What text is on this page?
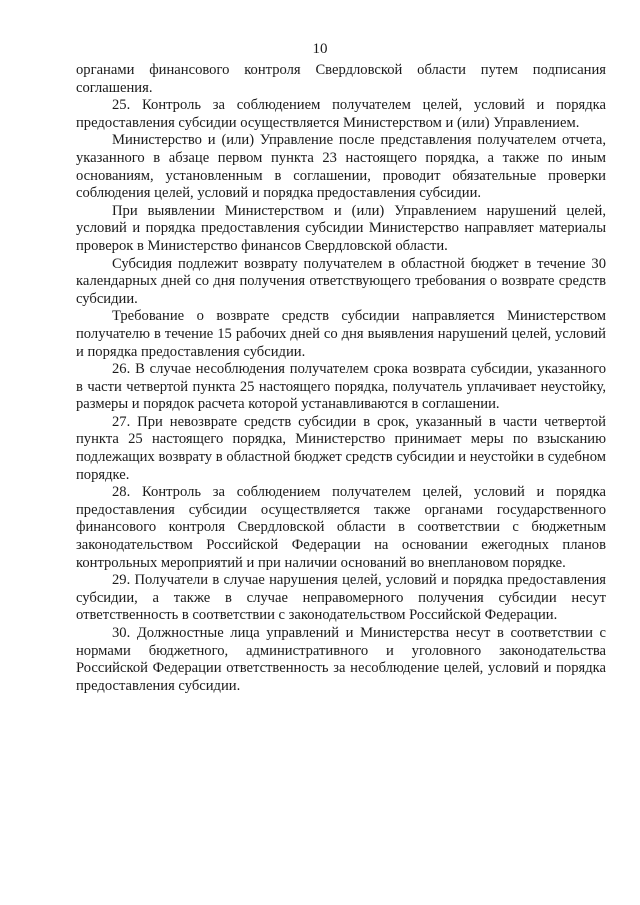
10

органами финансового контроля Свердловской области путем подписания соглашения.

25. Контроль за соблюдением получателем целей, условий и порядка предоставления субсидии осуществляется Министерством и (или) Управлением.

Министерство и (или) Управление после представления получателем отчета, указанного в абзаце первом пункта 23 настоящего порядка, а также по иным основаниям, установленным в соглашении, проводит обязательные проверки соблюдения целей, условий и порядка предоставления субсидии.

При выявлении Министерством и (или) Управлением нарушений целей, условий и порядка предоставления субсидии Министерство направляет материалы проверок в Министерство финансов Свердловской области.

Субсидия подлежит возврату получателем в областной бюджет в течение 30 календарных дней со дня получения ответствующего требования о возврате средств субсидии.

Требование о возврате средств субсидии направляется Министерством получателю в течение 15 рабочих дней со дня выявления нарушений целей, условий и порядка предоставления субсидии.

26. В случае несоблюдения получателем срока возврата субсидии, указанного в части четвертой пункта 25 настоящего порядка, получатель уплачивает неустойку, размеры и порядок расчета которой устанавливаются в соглашении.

27. При невозврате средств субсидии в срок, указанный в части четвертой пункта 25 настоящего порядка, Министерство принимает меры по взысканию подлежащих возврату в областной бюджет средств субсидии и неустойки в судебном порядке.

28. Контроль за соблюдением получателем целей, условий и порядка предоставления субсидии осуществляется также органами государственного финансового контроля Свердловской области в соответствии с бюджетным законодательством Российской Федерации на основании ежегодных планов контрольных мероприятий и при наличии оснований во внеплановом порядке.

29. Получатели в случае нарушения целей, условий и порядка предоставления субсидии, а также в случае неправомерного получения субсидии несут ответственность в соответствии с законодательством Российской Федерации.

30. Должностные лица управлений и Министерства несут в соответствии с нормами бюджетного, административного и уголовного законодательства Российской Федерации ответственность за несоблюдение целей, условий и порядка предоставления субсидии.
